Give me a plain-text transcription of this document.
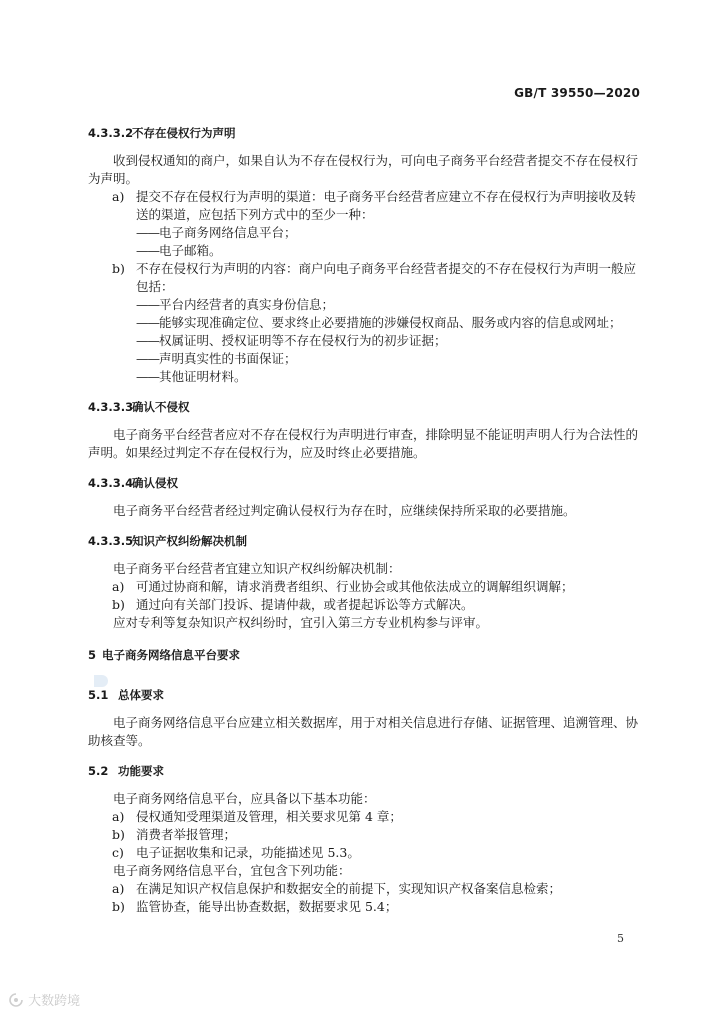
GB/T 39550—2020
4.3.3.2不存在侵权行为声明

收到侵权通知的商户，如果自认为不存在侵权行为，可向电子商务平台经营者提交不存在侵权行为声明。

a) 提交不存在侵权行为声明的渠道：电子商务平台经营者应建立不存在侵权行为声明接收及转送的渠道，应包括下列方式中的至少一种：

—— 电子商务网络信息平台；

—— 电子邮箱。

b) 不存在侵权行为声明的内容：商户向电子商务平台经营者提交的不存在侵权行为声明一般应包括：

—— 平台内经营者的真实身份信息；

—— 能够实现准确定位、要求终止必要措施的涉嫌侵权商品、服务或内容的信息或网址；

—— 权属证明、授权证明等不存在侵权行为的初步证据；

—— 声明真实性的书面保证；

—— 其他证明材料。

4.3.3.3确认不侵权

电子商务平台经营者应对不存在侵权行为声明进行审查，排除明显不能证明声明人行为合法性的声明。如果经过判定不存在侵权行为，应及时终止必要措施。

4.3.3.4确认侵权

电子商务平台经营者经过判定确认侵权行为存在时，应继续保持所采取的必要措施。

4.3.3.5知识产权纠纷解决机制

电子商务平台经营者宜建立知识产权纠纷解决机制：

a) 可通过协商和解，请求消费者组织、行业协会或其他依法成立的调解组织调解；
b) 通过向有关部门投诉、提请仲裁，或者提起诉讼等方式解决。

应对专利等复杂知识产权纠纷时，宜引入第三方专业机构参与评审。

5 电子商务网络信息平台要求
5.1 总体要求

电子商务网络信息平台应建立相关数据库，用于对相关信息进行存储、证据管理、追溯管理、协助核查等。

5.2 功能要求

电子商务网络信息平台，应具备以下基本功能：

a) 侵权通知受理渠道及管理，相关要求见第 4 章；
b) 消费者举报管理；
c) 电子证据收集和记录，功能描述见 5.3。

电子商务网络信息平台，宜包含下列功能：

a) 在满足知识产权信息保护和数据安全的前提下，实现知识产权备案信息检索；
b) 监管协查，能导出协查数据，数据要求见 5.4；
5
大数跨境
